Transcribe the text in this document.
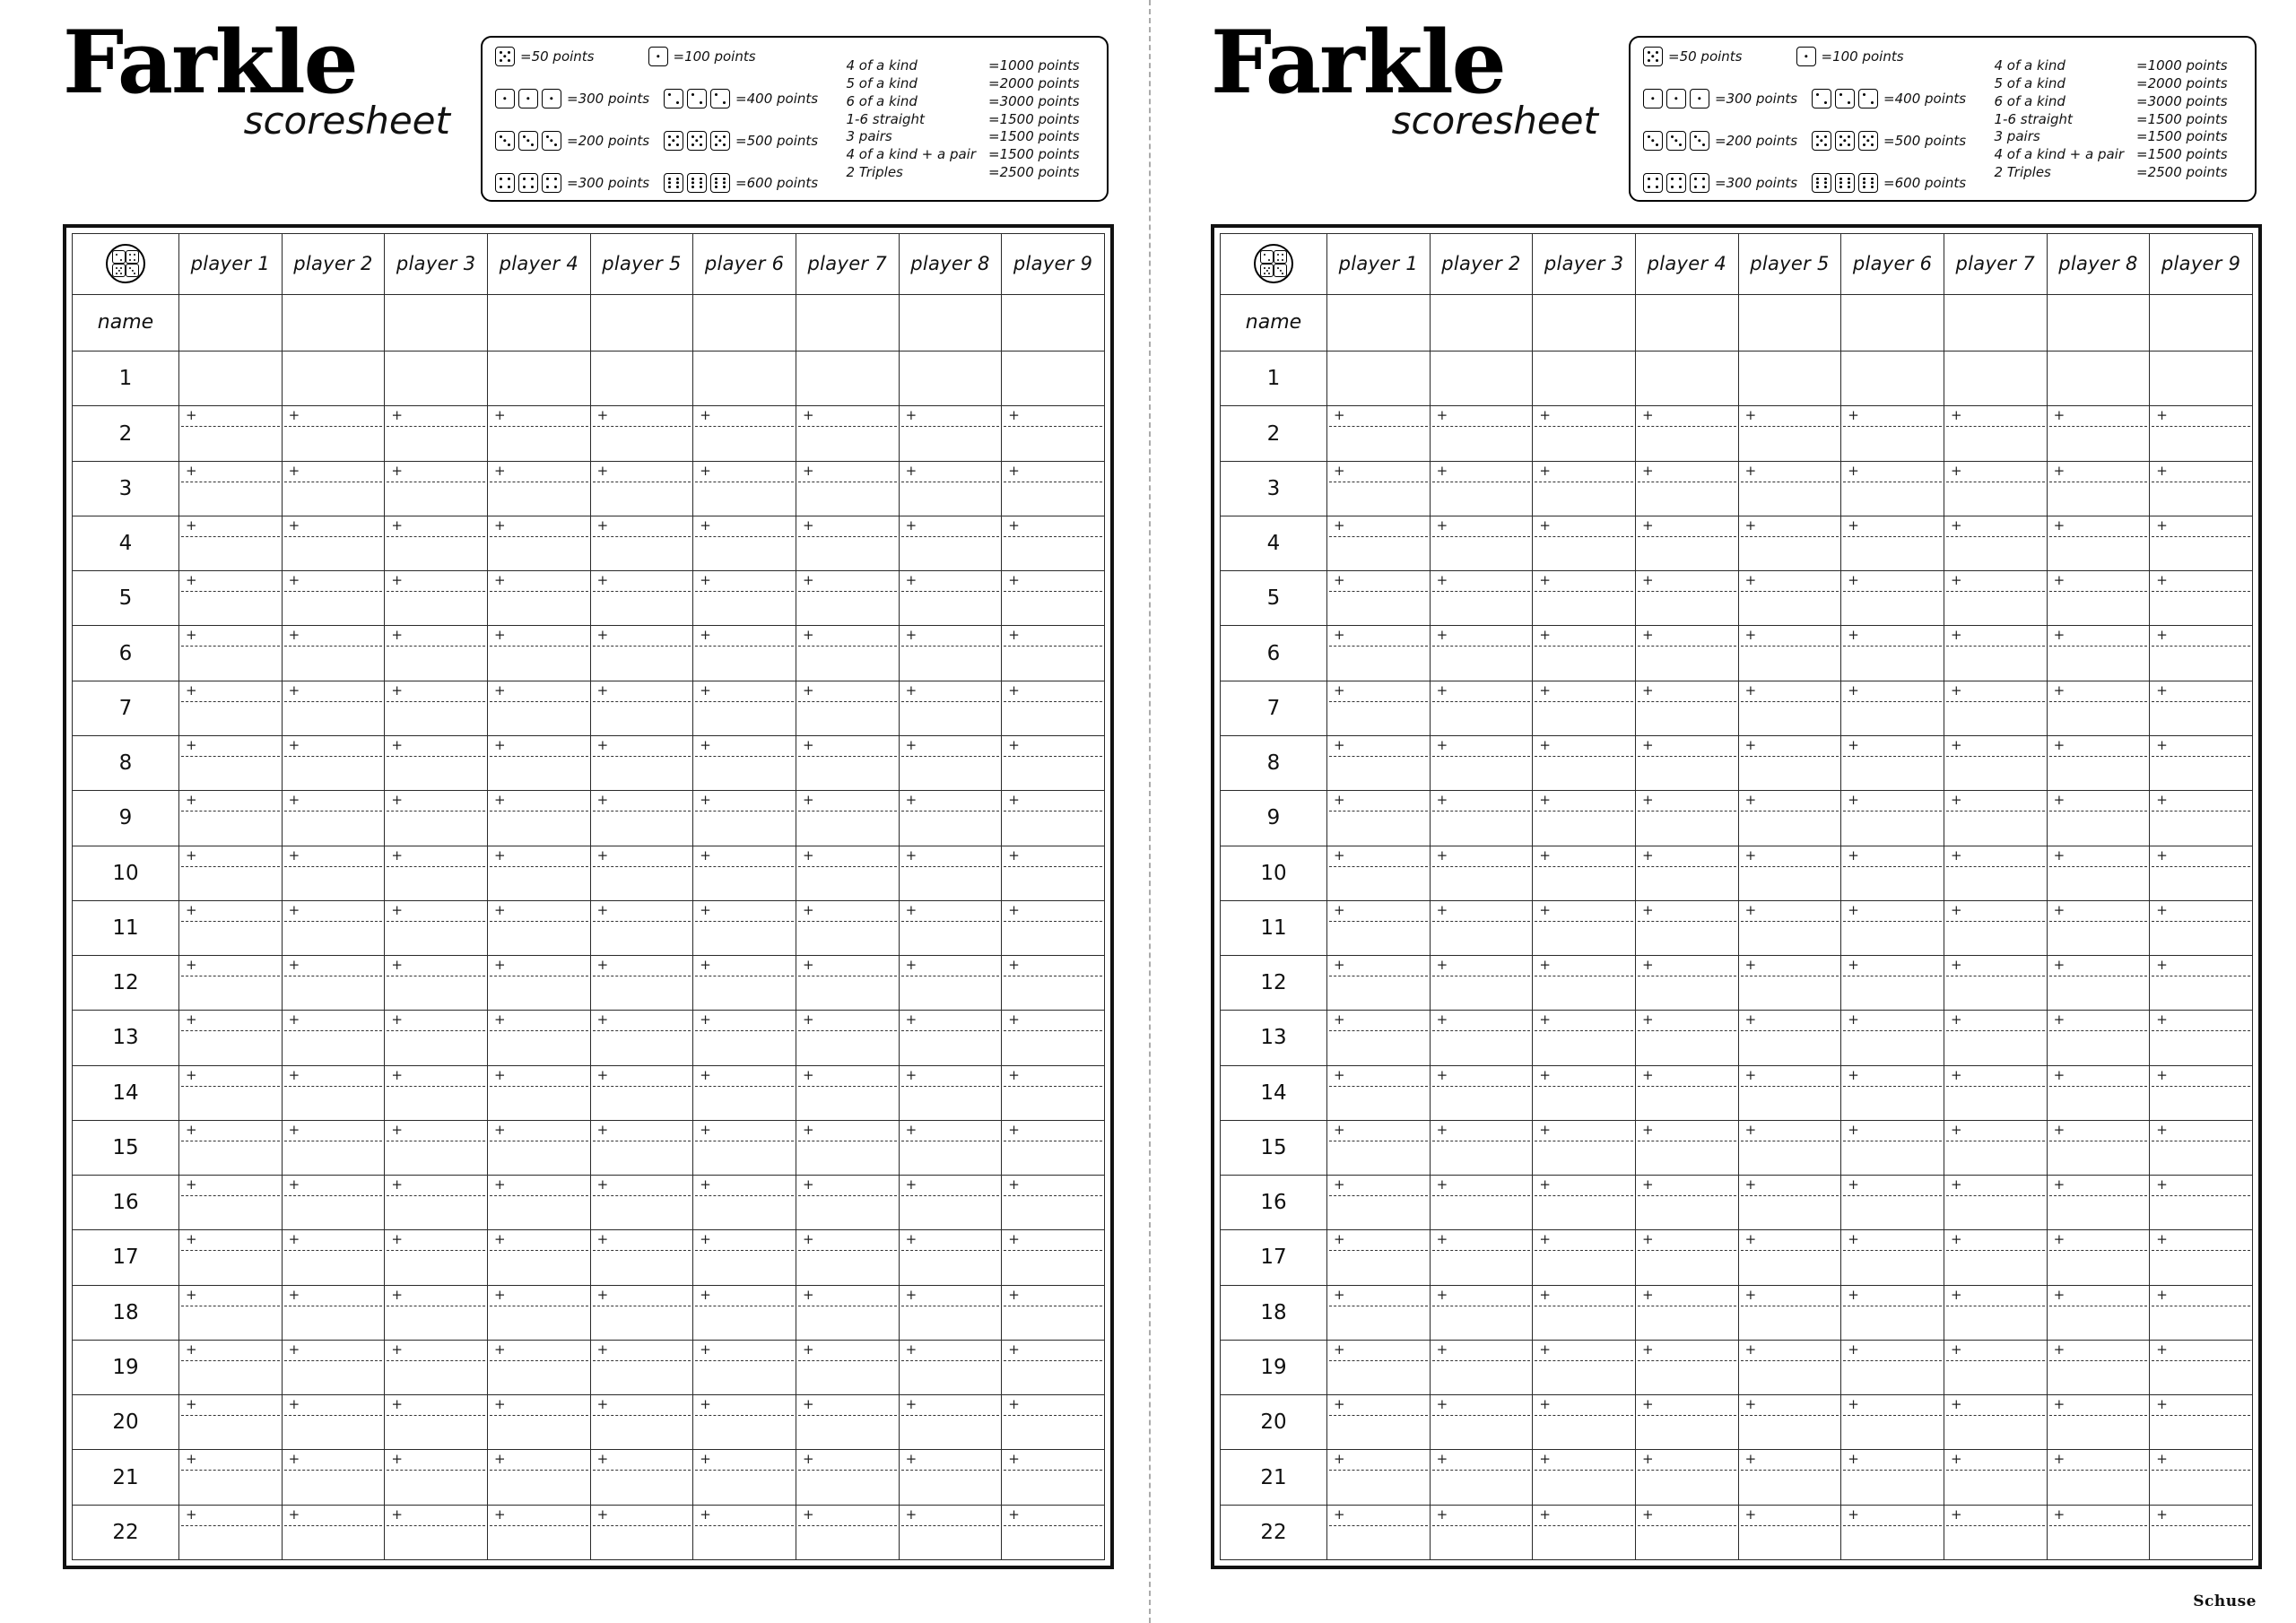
Farkle
scoresheet
=50 points	=100 points
=300 points	=400 points
=200 points	=500 points
=300 points	=600 points
4 of a kind	=1000 points
5 of a kind	=2000 points
6 of a kind	=3000 points
1-6 straight	=1500 points
3 pairs	=1500 points
4 of a kind + a pair =1500 points
2 Triples	=2500 points
	player 1	player 2	player 3	player 4	player 5	player 6	player 7	player 8	player 9
name									
1									
2	+	+	+	+	+	+	+	+	+

3	+	+	+	+	+	+	+	+	+

4	+	+	+	+	+	+	+	+	+

5	+	+	+	+	+	+	+	+	+

6	+	+	+	+	+	+	+	+	+

7	+	+	+	+	+	+	+	+	+

8	+	+	+	+	+	+	+	+	+

9	+	+	+	+	+	+	+	+	+

10	+	+	+	+	+	+	+	+	+

11	+	+	+	+	+	+	+	+	+

12	+	+	+	+	+	+	+	+	+

13	+	+	+	+	+	+	+	+	+

14	+	+	+	+	+	+	+	+	+

15	+	+	+	+	+	+	+	+	+

16	+	+	+	+	+	+	+	+	+

17	+	+	+	+	+	+	+	+	+

18	+	+	+	+	+	+	+	+	+

19	+	+	+	+	+	+	+	+	+

20	+	+	+	+	+	+	+	+	+

21	+	+	+	+	+	+	+	+	+

22	+	+	+	+	+	+	+	+	+
Farkle
scoresheet
=50 points	=100 points
=300 points	=400 points
=200 points	=500 points
=300 points	=600 points
4 of a kind	=1000 points
5 of a kind	=2000 points
6 of a kind	=3000 points
1-6 straight	=1500 points
3 pairs	=1500 points
4 of a kind + a pair =1500 points
2 Triples	=2500 points
	player 1	player 2	player 3	player 4	player 5	player 6	player 7	player 8	player 9
name									
1									
2	+	+	+	+	+	+	+	+	+

3	+	+	+	+	+	+	+	+	+

4	+	+	+	+	+	+	+	+	+

5	+	+	+	+	+	+	+	+	+

6	+	+	+	+	+	+	+	+	+

7	+	+	+	+	+	+	+	+	+

8	+	+	+	+	+	+	+	+	+

9	+	+	+	+	+	+	+	+	+

10	+	+	+	+	+	+	+	+	+

11	+	+	+	+	+	+	+	+	+

12	+	+	+	+	+	+	+	+	+

13	+	+	+	+	+	+	+	+	+

14	+	+	+	+	+	+	+	+	+

15	+	+	+	+	+	+	+	+	+

16	+	+	+	+	+	+	+	+	+

17	+	+	+	+	+	+	+	+	+

18	+	+	+	+	+	+	+	+	+

19	+	+	+	+	+	+	+	+	+

20	+	+	+	+	+	+	+	+	+

21	+	+	+	+	+	+	+	+	+

22	+	+	+	+	+	+	+	+	+
Schuse
